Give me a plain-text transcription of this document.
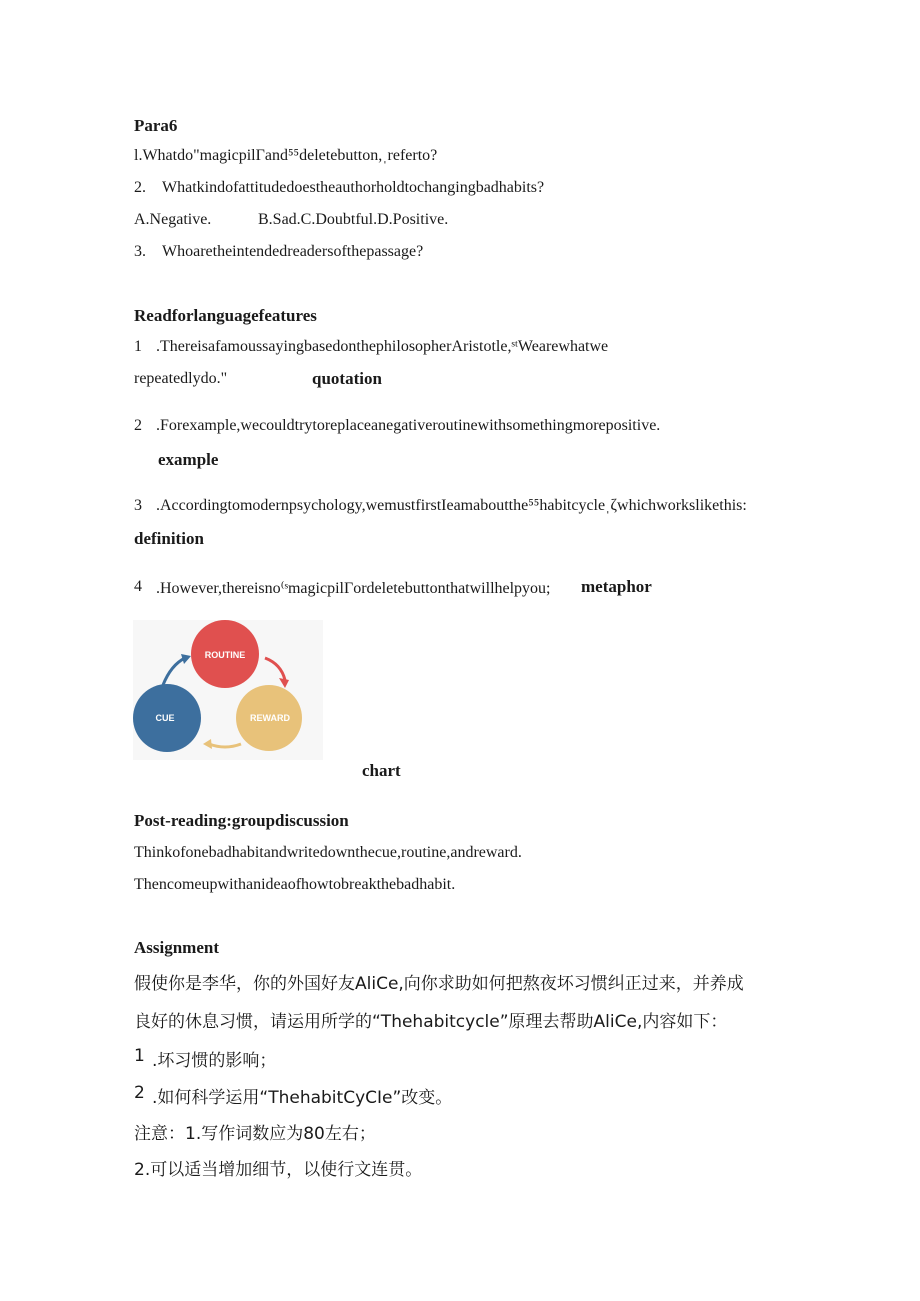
Para6
l.Whatdo"magicpilΓand⁵⁵deletebutton,ˌreferto?
2. Whatkindofattitudedoestheauthorholdtochangingbadhabits?
A.Negative.	B.Sad.C.Doubtful.D.Positive.
3. Whoaretheintendedreadersofthepassage?
Readforlanguagefeatures
1 .ThereisafamoussayingbasedonthephilosopherAristotle,ˢᵗWearewhatwe
repeatedlydo."	quotation
2 .Forexample,wecouldtrytoreplaceanegativeroutinewithsomethingmorepositive.
example
3 .Accordingtomodernpsychology,wemustfirstIeamaboutthe⁵⁵habitcycleˌζwhichworkslikethis:
definition
4 .However,thereisno⁽ˢmagicpilΓordeletebuttonthatwillhelpyou; metaphor
ROUTINE
CUE	REWARD
chart
Post-reading:groupdiscussion
Thinkofonebadhabitandwritedownthecue,routine,andreward.
Thencomeupwithanideaofhowtobreakthebadhabit.
Assignment
假使你是李华，你的外国好友AliCe,向你求助如何把熬夜坏习惯纠正过来，并养成
良好的休息习惯，请运用所学的“Thehabitcycle”原理去帮助AliCe,内容如下：
1 .坏习惯的影响；
2 .如何科学运用“ThehabitCyCIe”改变。
注意：1.写作词数应为80左右；
2.可以适当增加细节，以使行文连贯。
